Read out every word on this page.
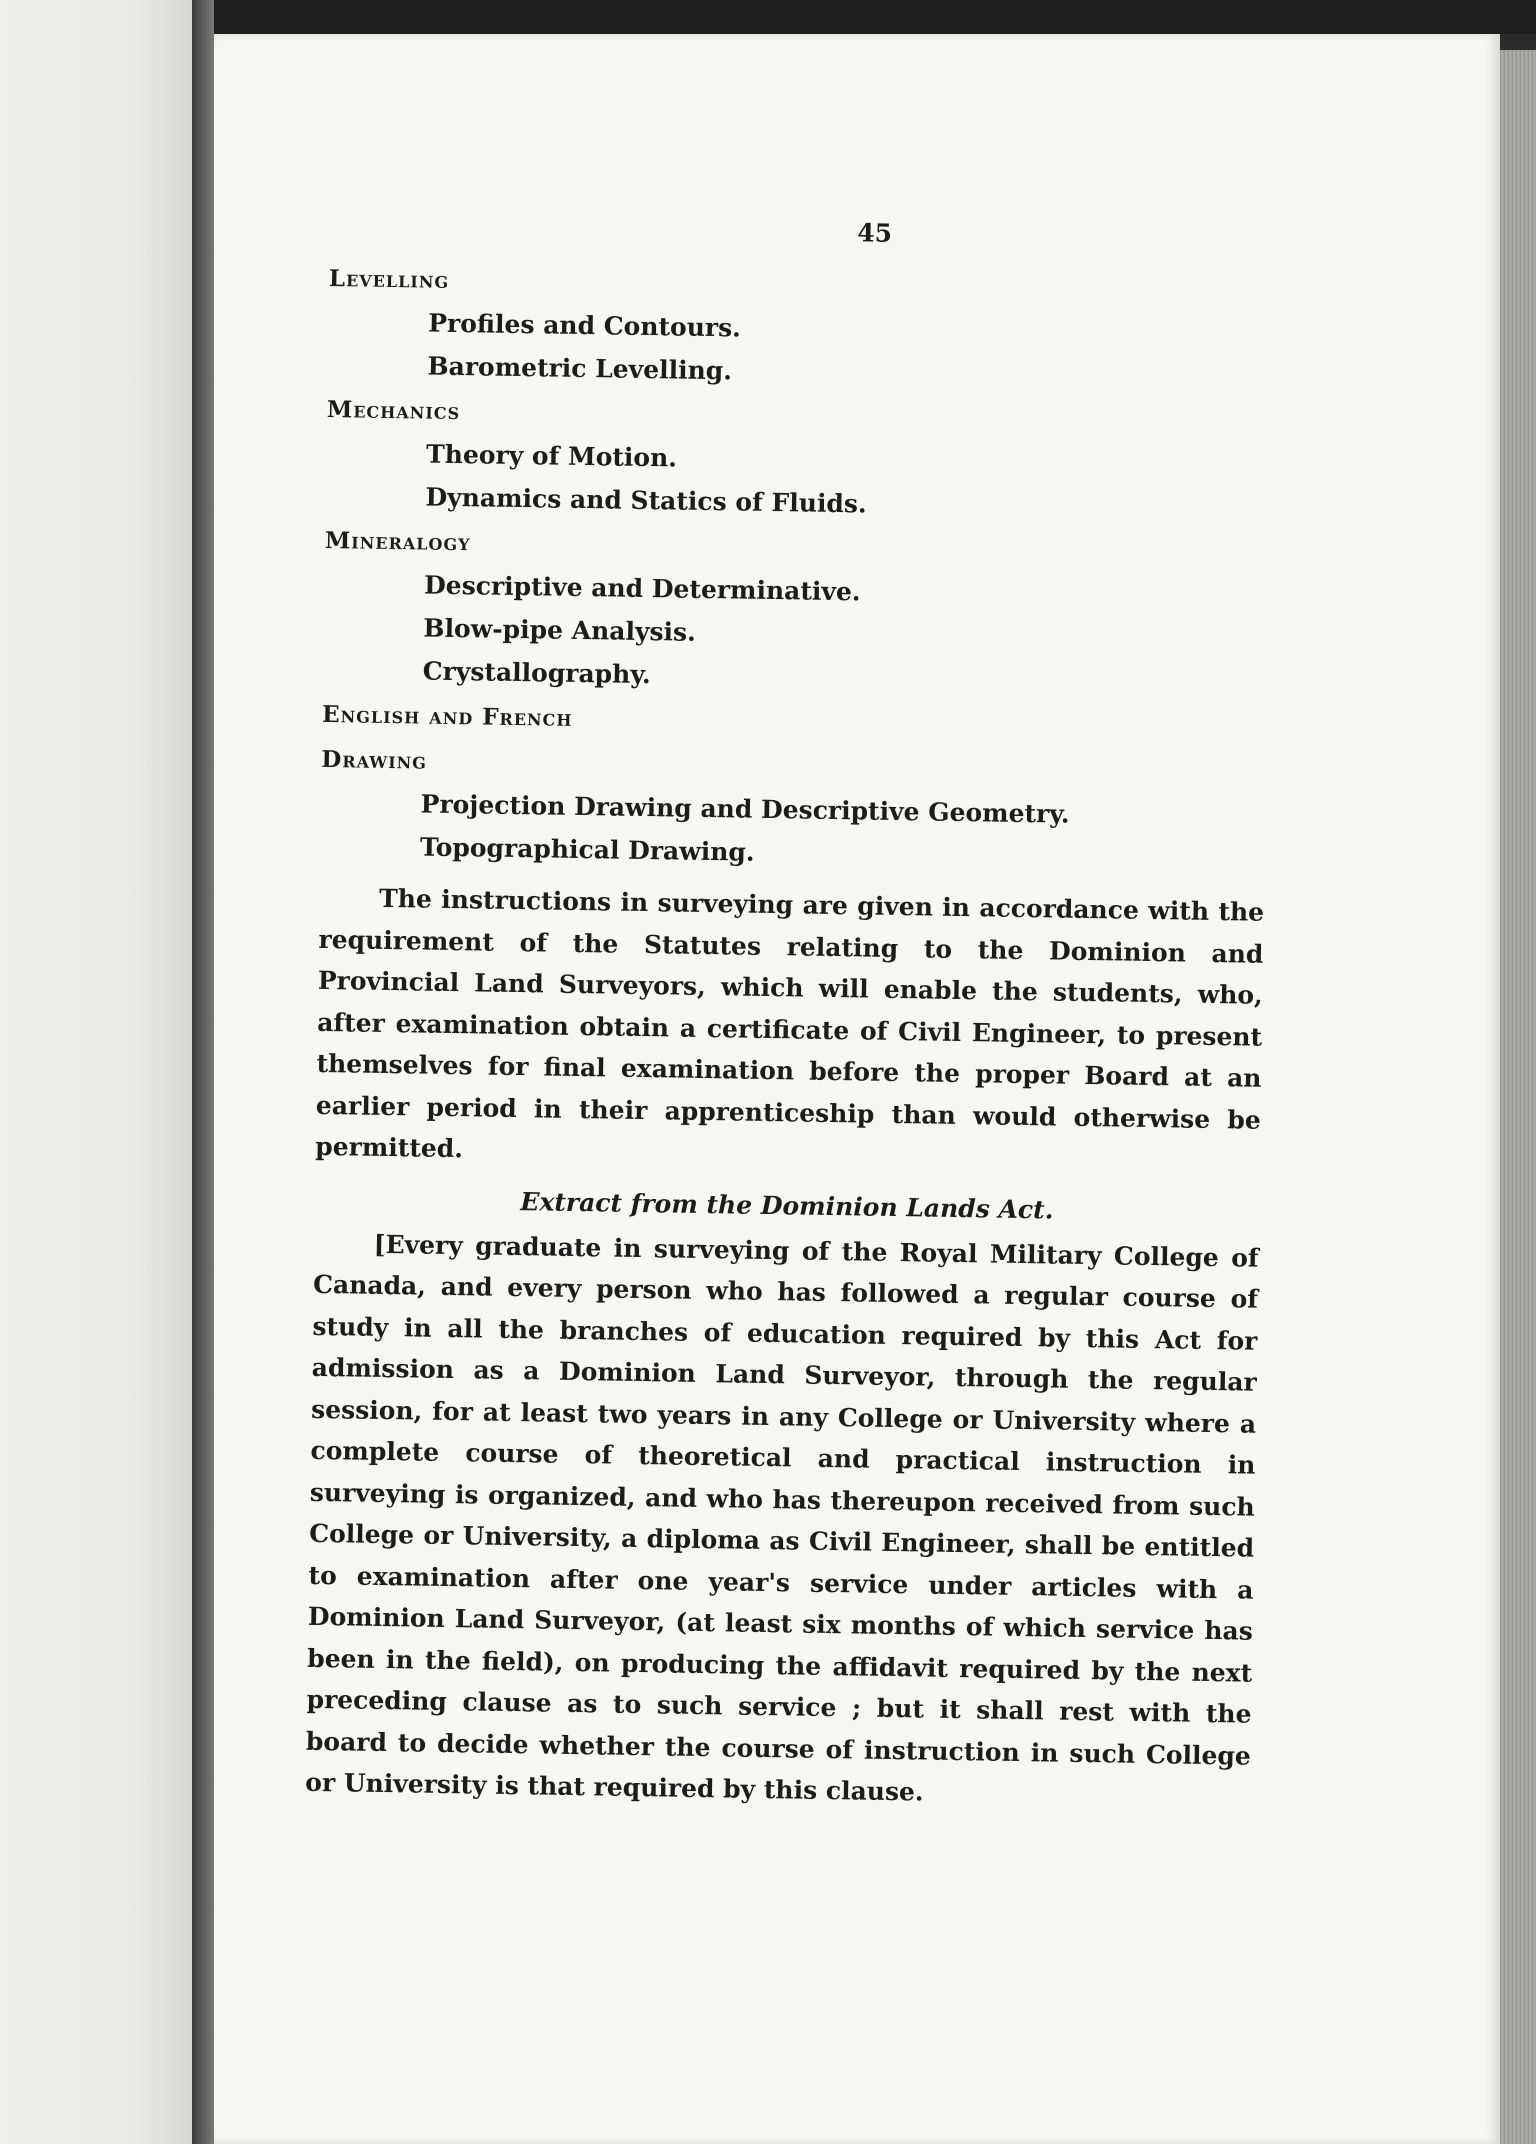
45
Levelling
Profiles and Contours.
Barometric Levelling.
Mechanics
Theory of Motion.
Dynamics and Statics of Fluids.
Mineralogy
Descriptive and Determinative.
Blow-pipe Analysis.
Crystallography.
English and French
Drawing
Projection Drawing and Descriptive Geometry.
Topographical Drawing.

The instructions in surveying are given in accordance with the requirement of the Statutes relating to the Dominion and Provincial Land Surveyors, which will enable the students, who, after examination obtain a certificate of Civil Engineer, to present themselves for final examination before the proper Board at an earlier period in their apprenticeship than would otherwise be permitted.

Extract from the Dominion Lands Act.

[Every graduate in surveying of the Royal Military College of Canada, and every person who has followed a regular course of study in all the branches of education required by this Act for admission as a Dominion Land Surveyor, through the regular session, for at least two years in any College or University where a complete course of theoretical and practical instruction in surveying is organized, and who has thereupon received from such College or University, a diploma as Civil Engineer, shall be entitled to examination after one year's service under articles with a Dominion Land Surveyor, (at least six months of which service has been in the field), on producing the affidavit required by the next preceding clause as to such service ; but it shall rest with the board to decide whether the course of instruction in such College or University is that required by this clause.
